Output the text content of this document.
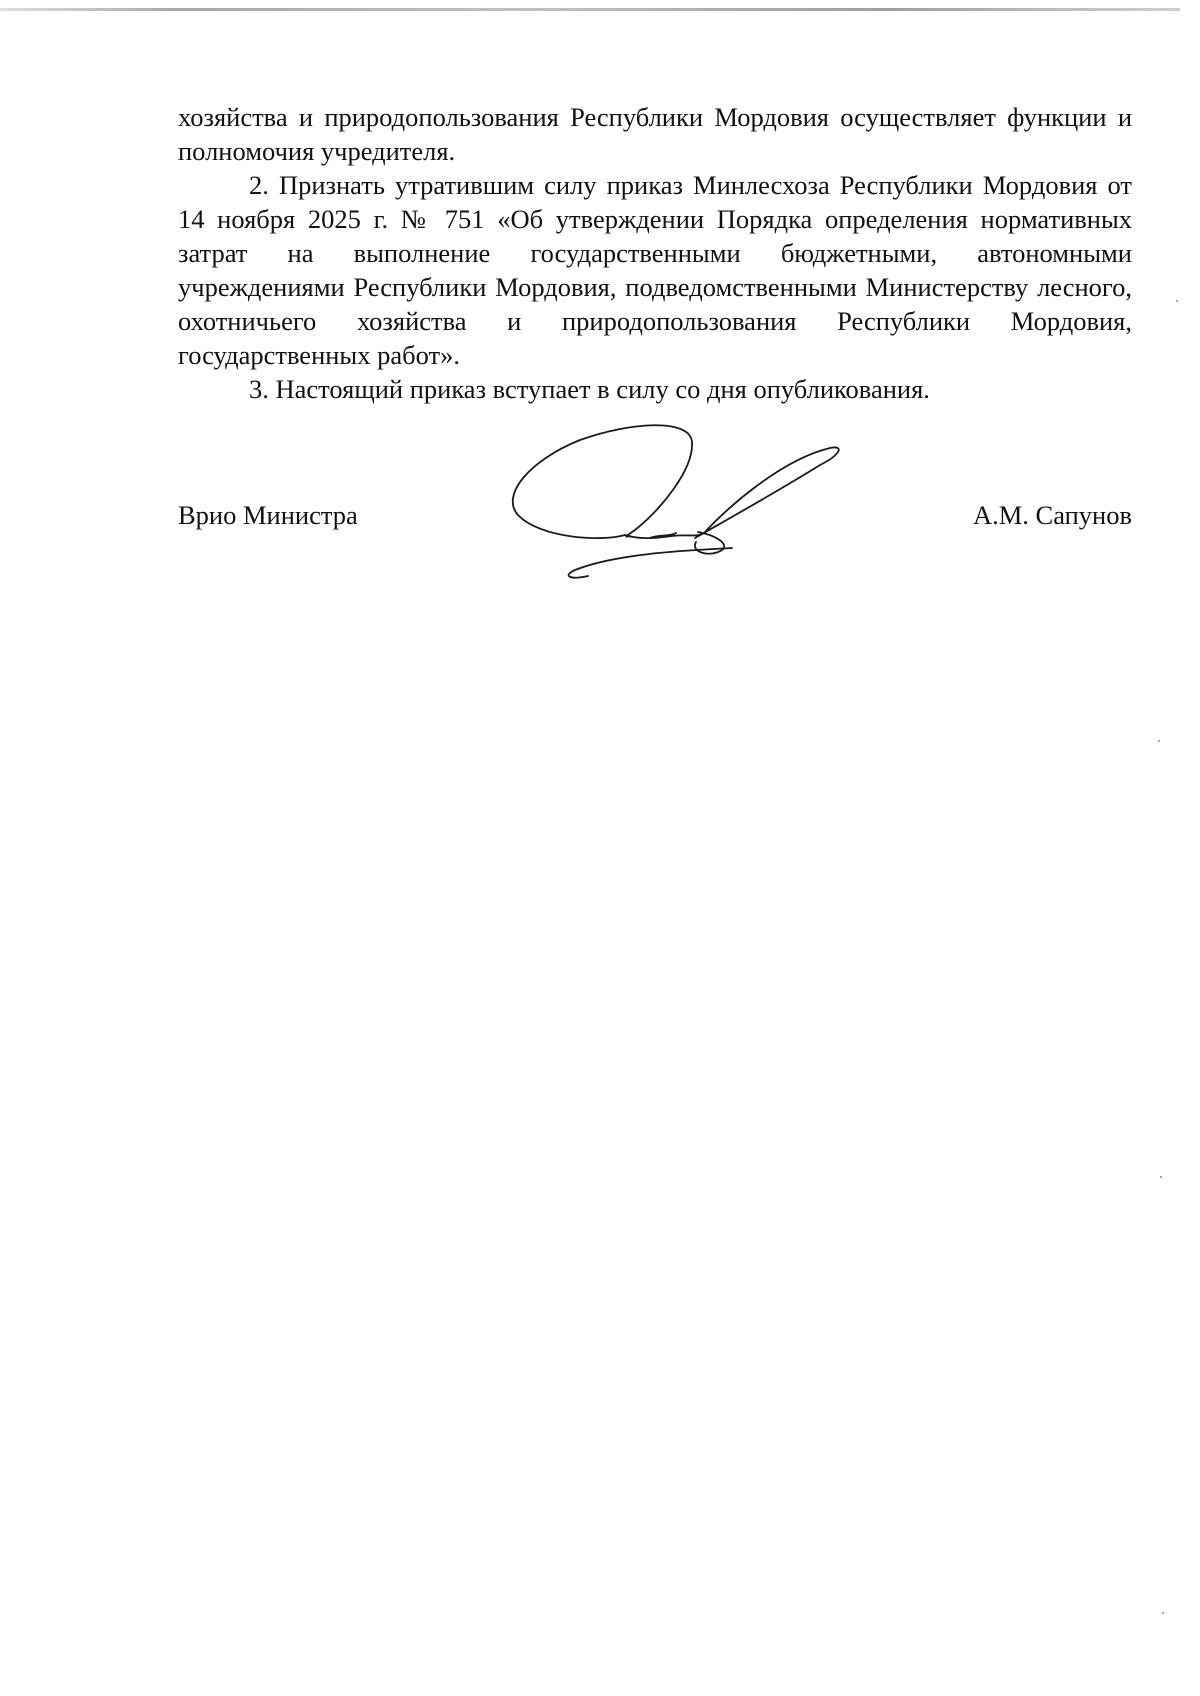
хозяйства и природопользования Республики Мордовия осуществляет функции и полномочия учредителя.

2. Признать утратившим силу приказ Минлесхоза Республики Мордовия от 14 ноября 2025 г. № 751 «Об утверждении Порядка определения нормативных затрат на выполнение государственными бюджетными, автономными учреждениями Республики Мордовия, подведомственными Министерству лесного, охотничьего хозяйства и природопользования Республики Мордовия, государственных работ».

3. Настоящий приказ вступает в силу со дня опубликования.

Врио Министра	А.М. Сапунов
